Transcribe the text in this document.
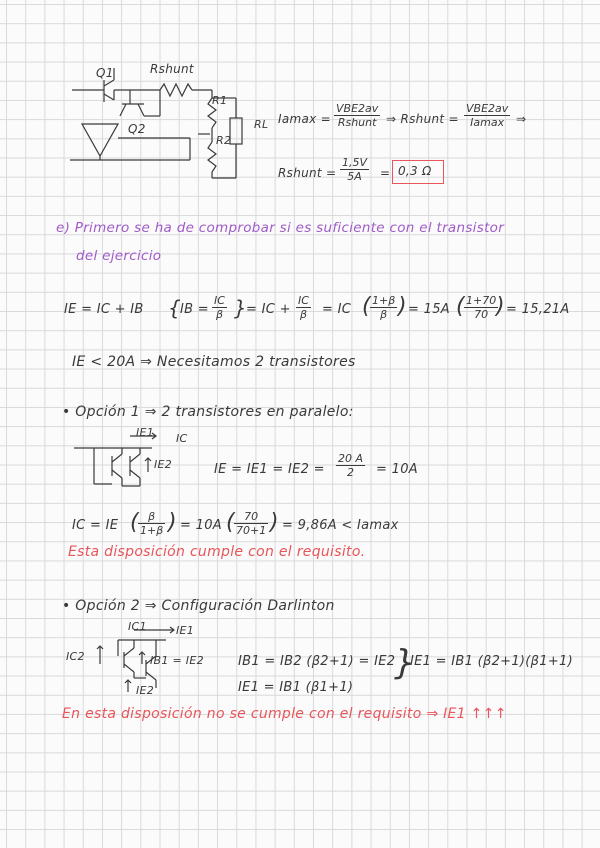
Q1	Rshunt
Q2
R1
R2
RL Iamax =
VBE2av
Rshunt ⇒ Rshunt =
VBE2av
Iamax ⇒
Rshunt = $\frac{1,5V}{5A} = 0,3$ Ω
e) Primero se ha de comprobar si es suficiente con el transistor
del ejercicio
IE = IC + IB {
IB = $\frac{IC}{\beta}$ }
= IC + $\frac{IC}{\beta}$ = IC ( $\frac{1+\beta}{\beta}$ ) = 15A ( $\frac{1+70}{70}$
) = 15,21A
IE < 20A ⇒ Necesitamos 2 transistores
• Opción 1 ⇒ 2 transistores en paralelo:
IE1 IC
IE2	IE = $IE1 = IE2 = \frac{20 A}{2} = 10A$
IC = IE ( $\frac{\beta}{1+\beta}$ ) = 10A ( $\frac{70}{70+1}$ ) = 9,86A < Iamax
Esta disposición cumple con el requisito.
• Opción 2 ⇒ Configuración Darlinton
IC1	IE1
IC2	IB1 = IE2
IE2
IB1 = IB2 (β2+1) = IE2
IE1 = IB1 (β1+1)
}
IE1 = IB1 (β2+1)(β1+1)
En esta disposición no se cumple con el requisito ⇒ IE1 ↑↑↑
